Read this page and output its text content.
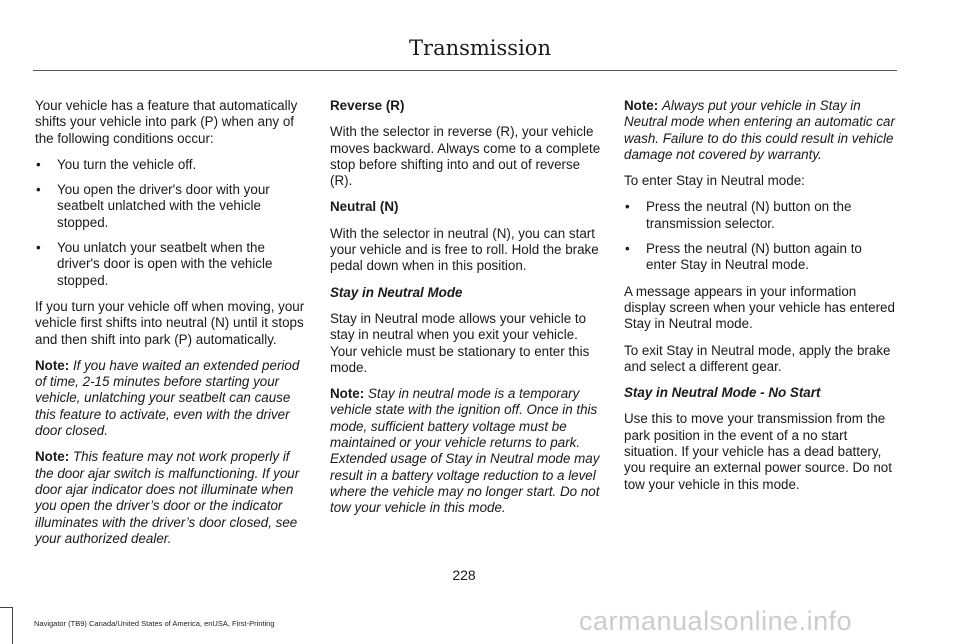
Transmission

Your vehicle has a feature that automatically shifts your vehicle into park (P) when any of the following conditions occur:

• You turn the vehicle off.
• You open the driver's door with your seatbelt unlatched with the vehicle stopped.
• You unlatch your seatbelt when the driver's door is open with the vehicle stopped.

If you turn your vehicle off when moving, your vehicle first shifts into neutral (N) until it stops and then shift into park (P) automatically.

Note: If you have waited an extended period of time, 2-15 minutes before starting your vehicle, unlatching your seatbelt can cause this feature to activate, even with the driver door closed.

Note: This feature may not work properly if the door ajar switch is malfunctioning. If your door ajar indicator does not illuminate when you open the driver’s door or the indicator illuminates with the driver’s door closed, see your authorized dealer.

Reverse (R)

With the selector in reverse (R), your vehicle moves backward. Always come to a complete stop before shifting into and out of reverse (R).

Neutral (N)

With the selector in neutral (N), you can start your vehicle and is free to roll. Hold the brake pedal down when in this position.

Stay in Neutral Mode

Stay in Neutral mode allows your vehicle to stay in neutral when you exit your vehicle. Your vehicle must be stationary to enter this mode.

Note: Stay in neutral mode is a temporary vehicle state with the ignition off. Once in this mode, sufficient battery voltage must be maintained or your vehicle returns to park. Extended usage of Stay in Neutral mode may result in a battery voltage reduction to a level where the vehicle may no longer start. Do not tow your vehicle in this mode.

Note: Always put your vehicle in Stay in Neutral mode when entering an automatic car wash. Failure to do this could result in vehicle damage not covered by warranty.

To enter Stay in Neutral mode:

• Press the neutral (N) button on the transmission selector.
• Press the neutral (N) button again to enter Stay in Neutral mode.

A message appears in your information display screen when your vehicle has entered Stay in Neutral mode.

To exit Stay in Neutral mode, apply the brake and select a different gear.

Stay in Neutral Mode - No Start

Use this to move your transmission from the park position in the event of a no start situation. If your vehicle has a dead battery, you require an external power source. Do not tow your vehicle in this mode.

228
Navigator (TB9) Canada/United States of America, enUSA, First-Printing	carmanualsonline.info
